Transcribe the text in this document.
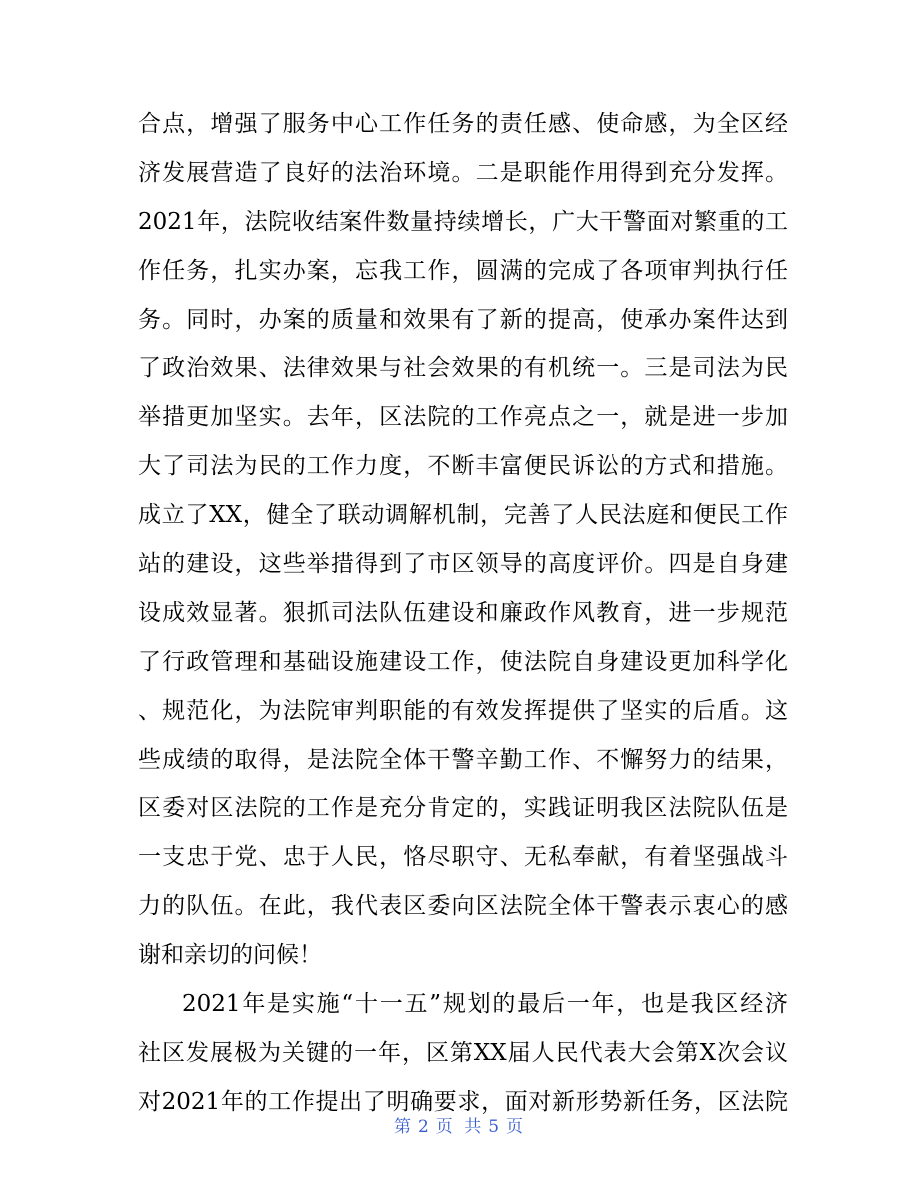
合点，增强了服务中心工作任务的责任感、使命感，为全区经
济发展营造了良好的法治环境。二是职能作用得到充分发挥。
2021年，法院收结案件数量持续增长，广大干警面对繁重的工
作任务，扎实办案，忘我工作，圆满的完成了各项审判执行任
务。同时，办案的质量和效果有了新的提高，使承办案件达到
了政治效果、法律效果与社会效果的有机统一。三是司法为民
举措更加坚实。去年，区法院的工作亮点之一，就是进一步加
大了司法为民的工作力度，不断丰富便民诉讼的方式和措施。
成立了XX，健全了联动调解机制，完善了人民法庭和便民工作
站的建设，这些举措得到了市区领导的高度评价。四是自身建
设成效显著。狠抓司法队伍建设和廉政作风教育，进一步规范
了行政管理和基础设施建设工作，使法院自身建设更加科学化
、规范化，为法院审判职能的有效发挥提供了坚实的后盾。这
些成绩的取得，是法院全体干警辛勤工作、不懈努力的结果，
区委对区法院的工作是充分肯定的，实践证明我区法院队伍是
一支忠于党、忠于人民，恪尽职守、无私奉献，有着坚强战斗
力的队伍。在此，我代表区委向区法院全体干警表示衷心的感
谢和亲切的问候！
2021年是实施“十一五”规划的最后一年，也是我区经济
社区发展极为关键的一年，区第XX届人民代表大会第X次会议
对2021年的工作提出了明确要求，面对新形势新任务，区法院
第 2 页 共 5 页
